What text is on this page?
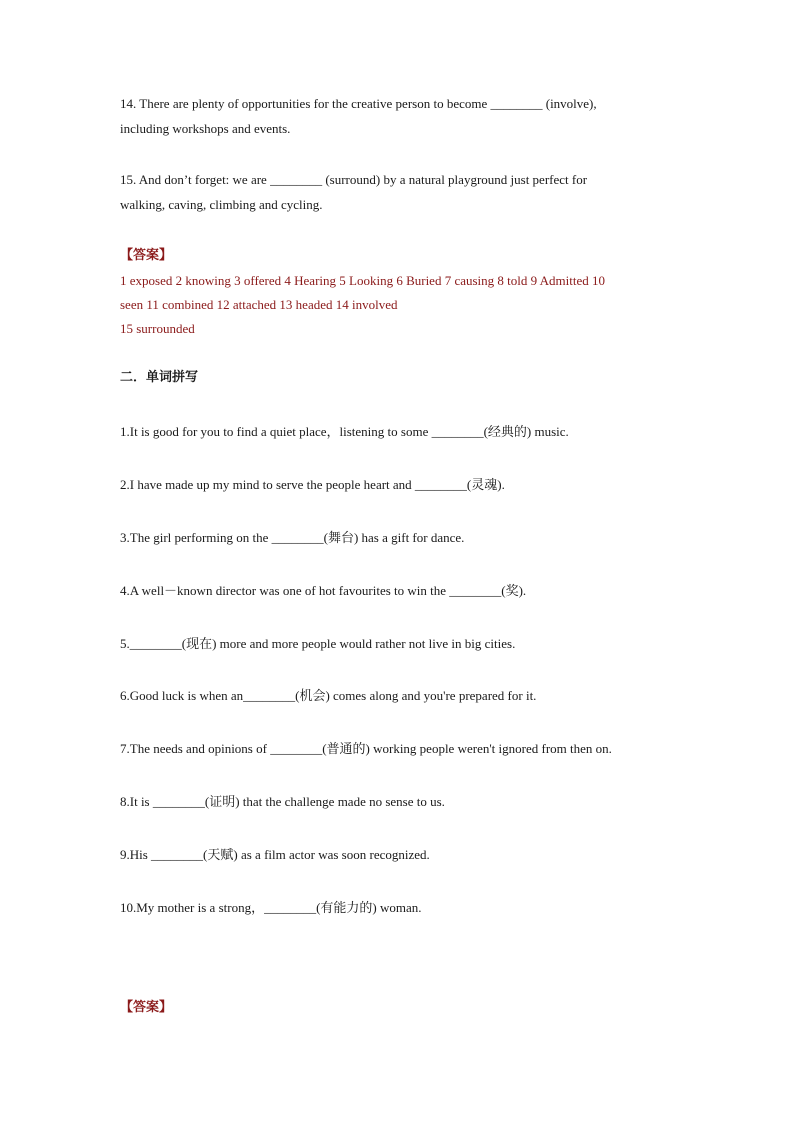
14. There are plenty of opportunities for the creative person to become ________ (involve),
including workshops and events.
15. And don’t forget: we are ________ (surround) by a natural playground just perfect for
walking, caving, climbing and cycling.
【答案】
1 exposed 2 knowing 3 offered 4 Hearing 5 Looking 6 Buried 7 causing 8 told 9 Admitted 10
seen 11 combined 12 attached 13 headed 14 involved
15 surrounded
二．单词拼写
1.It is good for you to find a quiet place，listening to some ________(经典的) music.
2.I have made up my mind to serve the people heart and ________(灵魂).
3.The girl performing on the ________(舞台) has a gift for dance.
4.A well－known director was one of hot favourites to win the ________(奖).
5.________(现在) more and more people would rather not live in big cities.
6.Good luck is when an________(机会) comes along and you're prepared for it.
7.The needs and opinions of ________(普通的) working people weren't ignored from then on.
8.It is ________(证明) that the challenge made no sense to us.
9.His ________(天赋) as a film actor was soon recognized.
10.My mother is a strong，________(有能力的) woman.
【答案】
